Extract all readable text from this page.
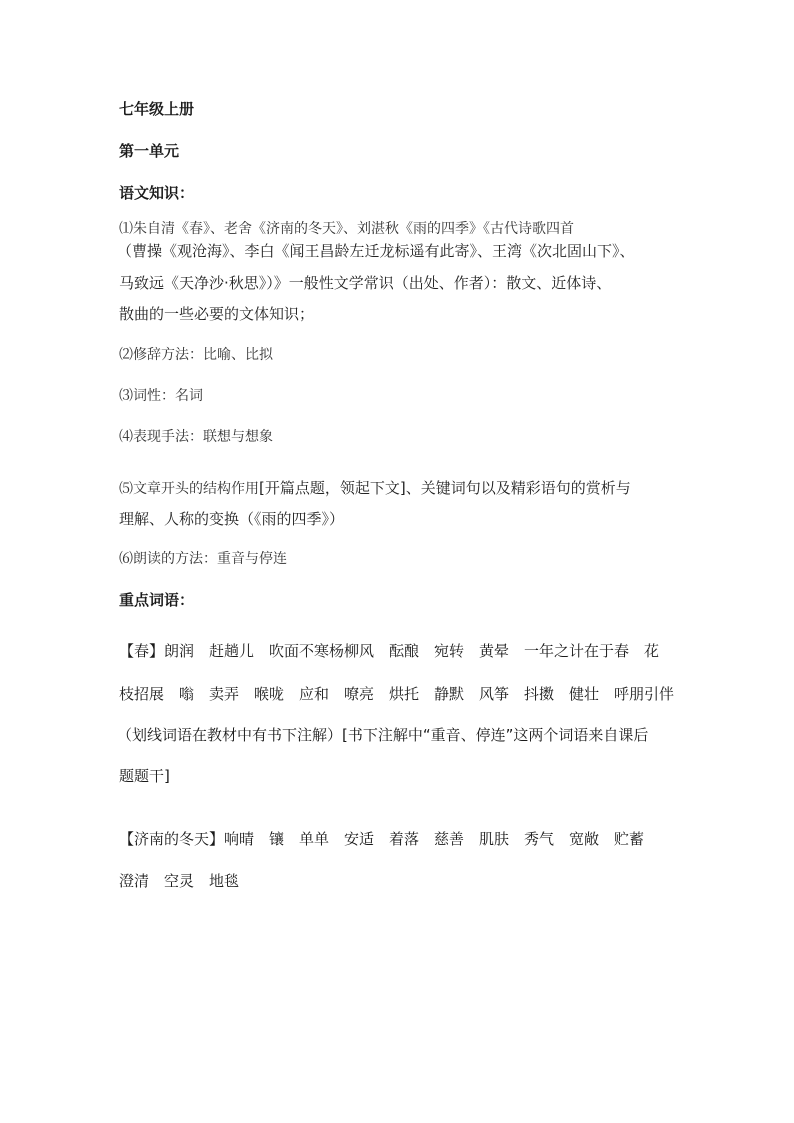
七年级上册
第一单元
语文知识：
⑴朱自清《春》、老舍《济南的冬天》、刘湛秋《雨的四季》《古代诗歌四首
（曹操《观沧海》、李白《闻王昌龄左迁龙标遥有此寄》、王湾《次北固山下》、
马致远《天净沙·秋思》）》一般性文学常识（出处、作者）：散文、近体诗、
散曲的一些必要的文体知识；
⑵修辞方法：比喻、比拟
⑶词性：名词
⑷表现手法：联想与想象
⑸文章开头的结构作用[开篇点题，领起下文]、关键词句以及精彩语句的赏析与
理解、人称的变换（《雨的四季》）
⑹朗读的方法：重音与停连
重点词语：
【春】朗润　赶趟儿　吹面不寒杨柳风　酝酿　宛转　黄晕　一年之计在于春　花
枝招展　嗡　卖弄　喉咙　应和　嘹亮　烘托　静默　风筝　抖擞　健壮　呼朋引伴
（划线词语在教材中有书下注解）[书下注解中“重音、停连”这两个词语来自课后
题题干]
【济南的冬天】响晴　镶　单单　安适　着落　慈善　肌肤　秀气　宽敞　贮蓄
澄清　空灵　地毯
